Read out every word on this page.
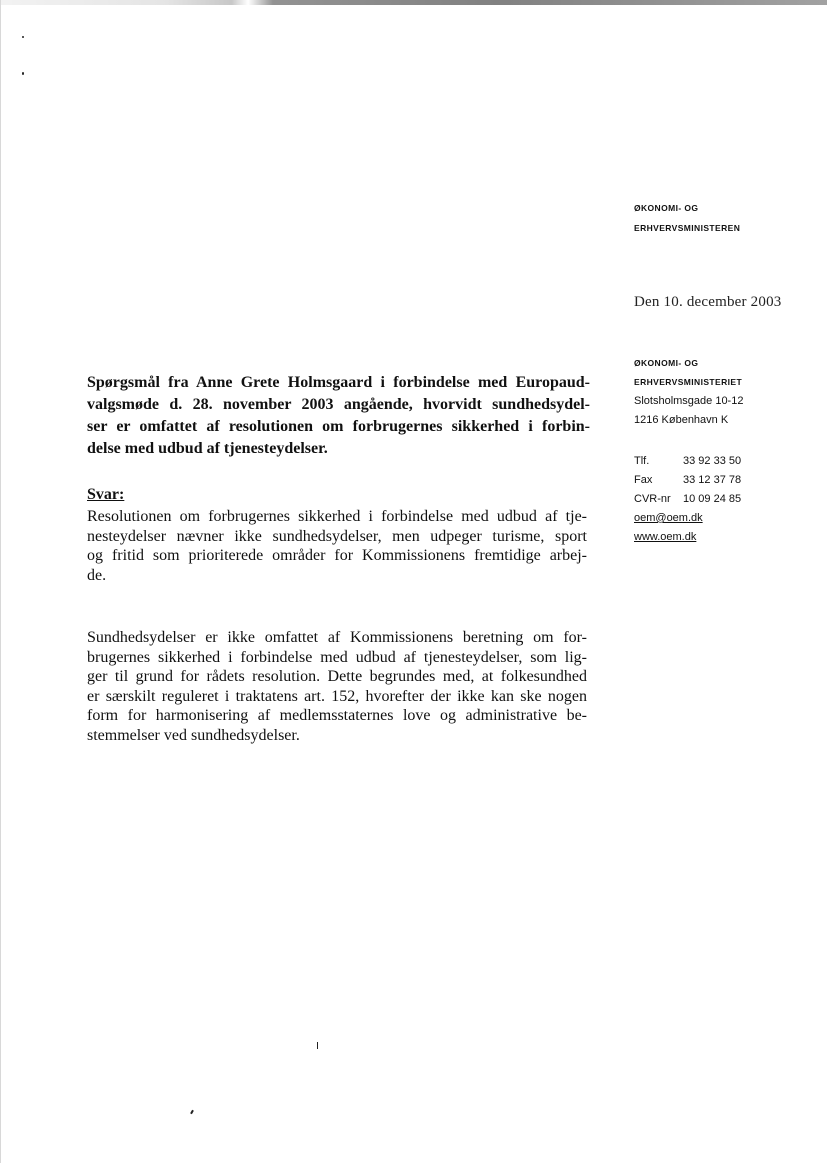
ØKONOMI- OG
ERHVERVSMINISTEREN
Den 10. december 2003
ØKONOMI- OG
ERHVERVSMINISTERIET
Slotsholmsgade 10-12
1216 København K
Tlf.	33 92 33 50
Fax	33 12 37 78
CVR-nr	10 09 24 85
oem@oem.dk
www.oem.dk
Spørgsmål fra Anne Grete Holmsgaard i forbindelse med Europaud-
valgsmøde d. 28. november 2003 angående, hvorvidt sundhedsydel-
ser er omfattet af resolutionen om forbrugernes sikkerhed i forbin-
delse med udbud af tjenesteydelser.
Svar:
Resolutionen om forbrugernes sikkerhed i forbindelse med udbud af tje-
nesteydelser nævner ikke sundhedsydelser, men udpeger turisme, sport
og fritid som prioriterede områder for Kommissionens fremtidige arbej-
de.
Sundhedsydelser er ikke omfattet af Kommissionens beretning om for-
brugernes sikkerhed i forbindelse med udbud af tjenesteydelser, som lig-
ger til grund for rådets resolution. Dette begrundes med, at folkesundhed
er særskilt reguleret i traktatens art. 152, hvorefter der ikke kan ske nogen
form for harmonisering af medlemsstaternes love og administrative be-
stemmelser ved sundhedsydelser.
